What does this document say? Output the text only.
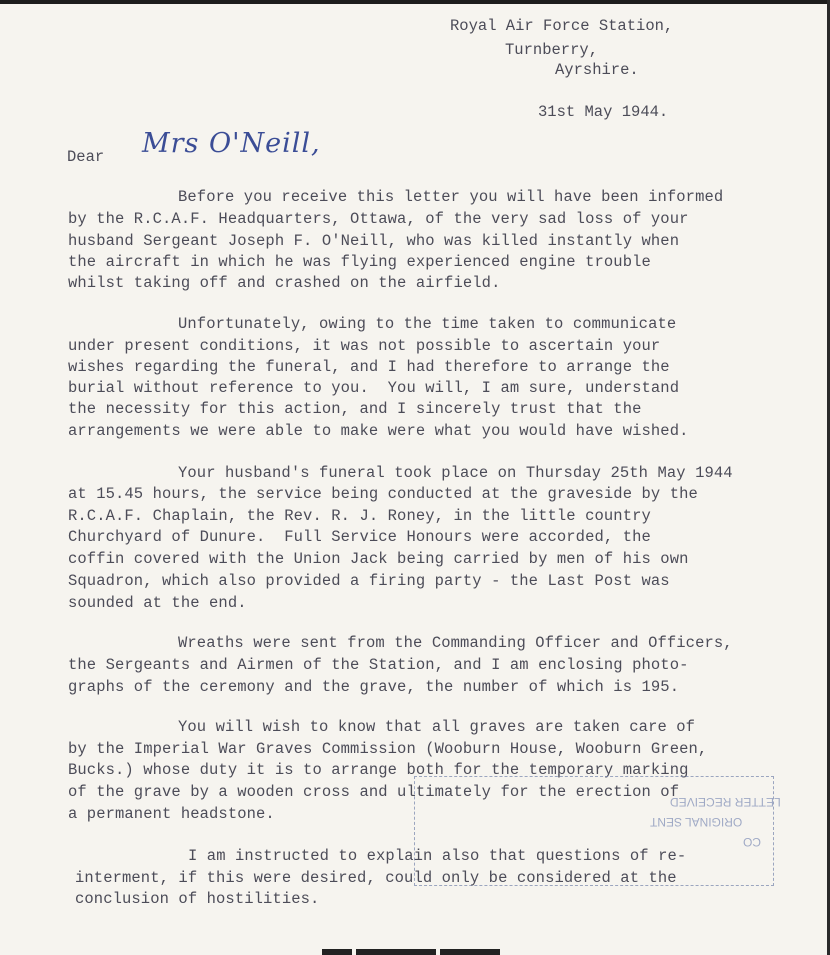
Royal Air Force Station,
Turnberry,
Ayrshire.
31st May 1944.
Dear Mrs O'Neill,
Before you receive this letter you will have been informed
by the R.C.A.F. Headquarters, Ottawa, of the very sad loss of your
husband Sergeant Joseph F. O'Neill, who was killed instantly when
the aircraft in which he was flying experienced engine trouble
whilst taking off and crashed on the airfield.
Unfortunately, owing to the time taken to communicate
under present conditions, it was not possible to ascertain your
wishes regarding the funeral, and I had therefore to arrange the
burial without reference to you.  You will, I am sure, understand
the necessity for this action, and I sincerely trust that the
arrangements we were able to make were what you would have wished.
Your husband's funeral took place on Thursday 25th May 1944
at 15.45 hours, the service being conducted at the graveside by the
R.C.A.F. Chaplain, the Rev. R. J. Roney, in the little country
Churchyard of Dunure.  Full Service Honours were accorded, the
coffin covered with the Union Jack being carried by men of his own
Squadron, which also provided a firing party - the Last Post was
sounded at the end.
Wreaths were sent from the Commanding Officer and Officers,
the Sergeants and Airmen of the Station, and I am enclosing photo-
graphs of the ceremony and the grave, the number of which is 195.
You will wish to know that all graves are taken care of
by the Imperial War Graves Commission (Wooburn House, Wooburn Green,
Bucks.) whose duty it is to arrange both for the temporary marking
of the grave by a wooden cross and ultimately for the erection of
a permanent headstone.
LETTER RECEIVED
ORIGINAL SENT
CO
I am instructed to explain also that questions of re-
interment, if this were desired, could only be considered at the
conclusion of hostilities.
